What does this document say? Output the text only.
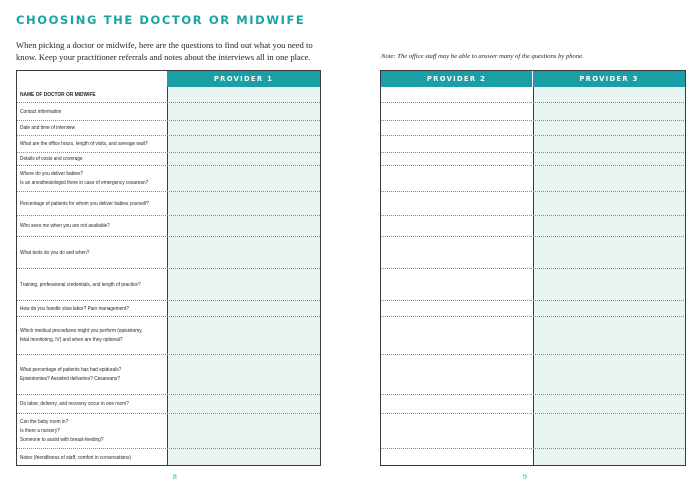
CHOOSING THE DOCTOR OR MIDWIFE
When picking a doctor or midwife, here are the questions to find out what you need to know. Keep your practitioner referrals and notes about the interviews all in one place.	Note: The office staff may be able to answer many of the questions by phone.
PROVIDER 1
NAME OF DOCTOR OR MIDWIFE
Contact information
Date and time of interview
What are the office hours, length of visits, and average wait?
Details of costs and coverage
Where do you deliver babies?
Is an anesthesiologist there in case of emergency cesarean?
Percentage of patients for whom you deliver babies yourself?
Who sees me when you are not available?
What tests do you do and when?
Training, professional credentials, and length of practice?
How do you handle slow labor? Pain management?
Which medical procedures might you perform (episiotomy, fetal monitoring, IV) and when are they optional?
What percentage of patients has had epidurals? Episiotomies? Assisted deliveries? Cesareans?
Do labor, delivery, and recovery occur in one room?
Can the baby room in?
Is there a nursery?
Someone to assist with breast-feeding?
Notes (friendliness of staff, comfort in conversations)
PROVIDER 2	PROVIDER 3
8	9
